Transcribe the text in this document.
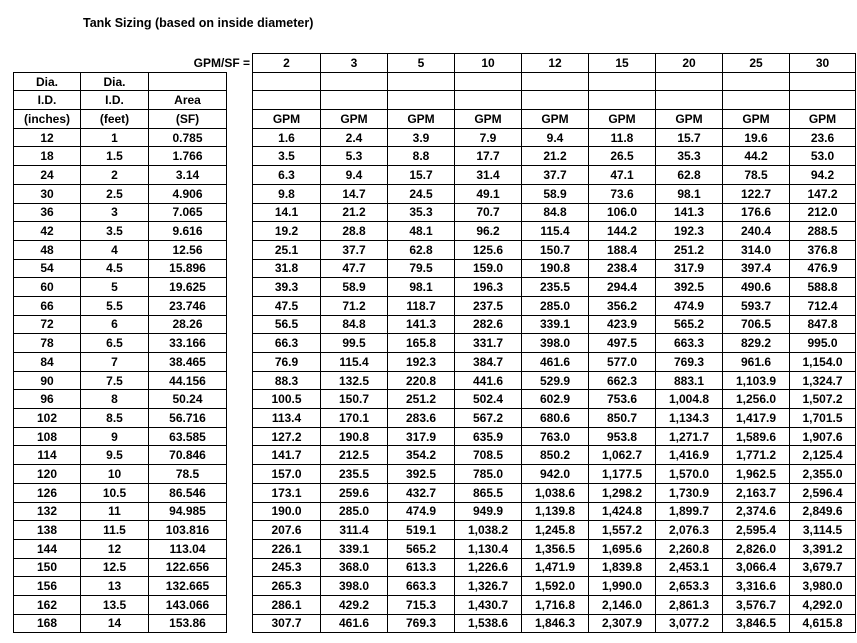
Tank Sizing (based on inside diameter)
		GPM/SF =		2	3	5	10	12	15	20	25	30
Dia.	Dia.											
I.D.	I.D.	Area										
(inches)	(feet)	(SF)		GPM	GPM	GPM	GPM	GPM	GPM	GPM	GPM	GPM
12	1	0.785		1.6	2.4	3.9	7.9	9.4	11.8	15.7	19.6	23.6
18	1.5	1.766		3.5	5.3	8.8	17.7	21.2	26.5	35.3	44.2	53.0
24	2	3.14		6.3	9.4	15.7	31.4	37.7	47.1	62.8	78.5	94.2
30	2.5	4.906		9.8	14.7	24.5	49.1	58.9	73.6	98.1	122.7	147.2
36	3	7.065		14.1	21.2	35.3	70.7	84.8	106.0	141.3	176.6	212.0
42	3.5	9.616		19.2	28.8	48.1	96.2	115.4	144.2	192.3	240.4	288.5
48	4	12.56		25.1	37.7	62.8	125.6	150.7	188.4	251.2	314.0	376.8
54	4.5	15.896		31.8	47.7	79.5	159.0	190.8	238.4	317.9	397.4	476.9
60	5	19.625		39.3	58.9	98.1	196.3	235.5	294.4	392.5	490.6	588.8
66	5.5	23.746		47.5	71.2	118.7	237.5	285.0	356.2	474.9	593.7	712.4
72	6	28.26		56.5	84.8	141.3	282.6	339.1	423.9	565.2	706.5	847.8
78	6.5	33.166		66.3	99.5	165.8	331.7	398.0	497.5	663.3	829.2	995.0
84	7	38.465		76.9	115.4	192.3	384.7	461.6	577.0	769.3	961.6	1,154.0
90	7.5	44.156		88.3	132.5	220.8	441.6	529.9	662.3	883.1	1,103.9	1,324.7
96	8	50.24		100.5	150.7	251.2	502.4	602.9	753.6	1,004.8	1,256.0	1,507.2
102	8.5	56.716		113.4	170.1	283.6	567.2	680.6	850.7	1,134.3	1,417.9	1,701.5
108	9	63.585		127.2	190.8	317.9	635.9	763.0	953.8	1,271.7	1,589.6	1,907.6
114	9.5	70.846		141.7	212.5	354.2	708.5	850.2	1,062.7	1,416.9	1,771.2	2,125.4
120	10	78.5		157.0	235.5	392.5	785.0	942.0	1,177.5	1,570.0	1,962.5	2,355.0
126	10.5	86.546		173.1	259.6	432.7	865.5	1,038.6	1,298.2	1,730.9	2,163.7	2,596.4
132	11	94.985		190.0	285.0	474.9	949.9	1,139.8	1,424.8	1,899.7	2,374.6	2,849.6
138	11.5	103.816		207.6	311.4	519.1	1,038.2	1,245.8	1,557.2	2,076.3	2,595.4	3,114.5
144	12	113.04		226.1	339.1	565.2	1,130.4	1,356.5	1,695.6	2,260.8	2,826.0	3,391.2
150	12.5	122.656		245.3	368.0	613.3	1,226.6	1,471.9	1,839.8	2,453.1	3,066.4	3,679.7
156	13	132.665		265.3	398.0	663.3	1,326.7	1,592.0	1,990.0	2,653.3	3,316.6	3,980.0
162	13.5	143.066		286.1	429.2	715.3	1,430.7	1,716.8	2,146.0	2,861.3	3,576.7	4,292.0
168	14	153.86		307.7	461.6	769.3	1,538.6	1,846.3	2,307.9	3,077.2	3,846.5	4,615.8
